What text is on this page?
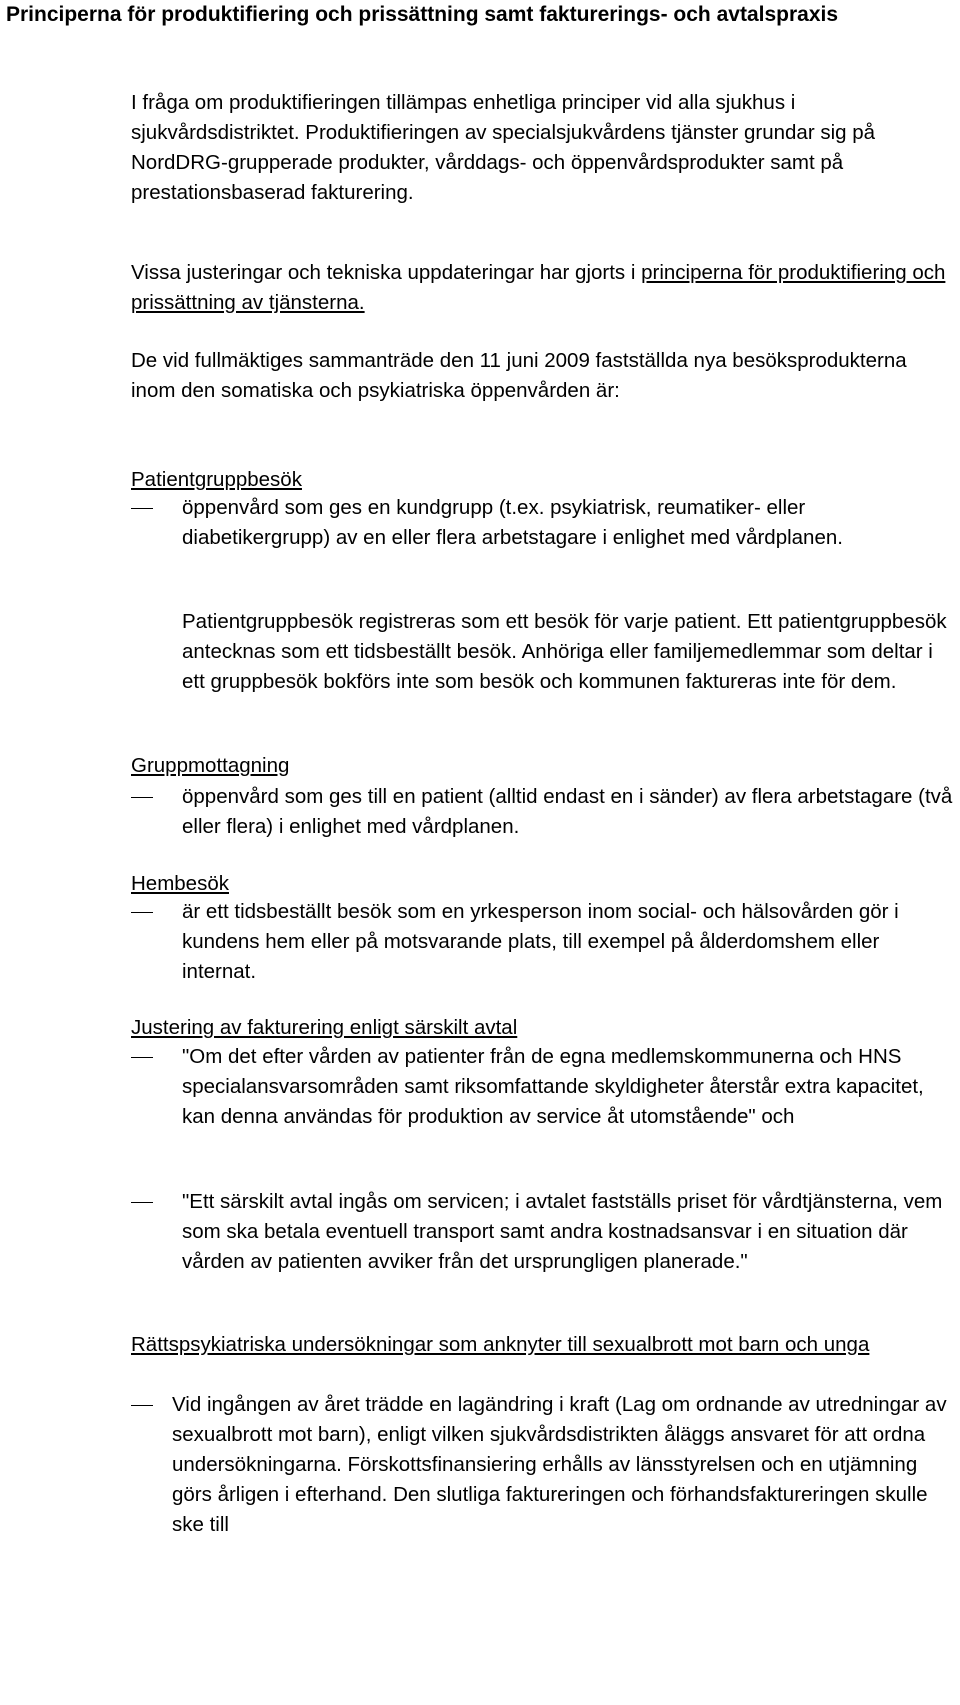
Principerna för produktifiering och prissättning samt fakturerings- och avtalspraxis
I fråga om produktifieringen tillämpas enhetliga principer vid alla sjukhus i sjukvårdsdistriktet. Produktifieringen av specialsjukvårdens tjänster grundar sig på NordDRG-grupperade produkter, vårddags- och öppenvårdsprodukter samt på prestationsbaserad fakturering.
Vissa justeringar och tekniska uppdateringar har gjorts i principerna för produktifiering och prissättning av tjänsterna.
De vid fullmäktiges sammanträde den 11 juni 2009 fastställda nya besöksprodukterna inom den somatiska och psykiatriska öppenvården är:
Patientgruppbesök
öppenvård som ges en kundgrupp (t.ex. psykiatrisk, reumatiker- eller diabetikergrupp) av en eller flera arbetstagare i enlighet med vårdplanen.
Patientgruppbesök registreras som ett besök för varje patient. Ett patientgruppbesök antecknas som ett tidsbeställt besök. Anhöriga eller familjemedlemmar som deltar i ett gruppbesök bokförs inte som besök och kommunen faktureras inte för dem.
Gruppmottagning
öppenvård som ges till en patient (alltid endast en i sänder) av flera arbetstagare (två eller flera) i enlighet med vårdplanen.
Hembesök
är ett tidsbeställt besök som en yrkesperson inom social- och hälsovården gör i kundens hem eller på motsvarande plats, till exempel på ålderdomshem eller internat.
Justering av fakturering enligt särskilt avtal
"Om det efter vården av patienter från de egna medlemskommunerna och HNS specialansvarsområden samt riksomfattande skyldigheter återstår extra kapacitet, kan denna användas för produktion av service åt utomstående" och
"Ett särskilt avtal ingås om servicen; i avtalet fastställs priset för vårdtjänsterna, vem som ska betala eventuell transport samt andra kostnadsansvar i en situation där vården av patienten avviker från det ursprungligen planerade."
Rättspsykiatriska undersökningar som anknyter till sexualbrott mot barn och unga
Vid ingången av året trädde en lagändring i kraft (Lag om ordnande av utredningar av sexualbrott mot barn), enligt vilken sjukvårdsdistrikten åläggs ansvaret för att ordna undersökningarna. Förskottsfinansiering erhålls av länsstyrelsen och en utjämning görs årligen i efterhand. Den slutliga faktureringen och förhandsfaktureringen skulle ske till
